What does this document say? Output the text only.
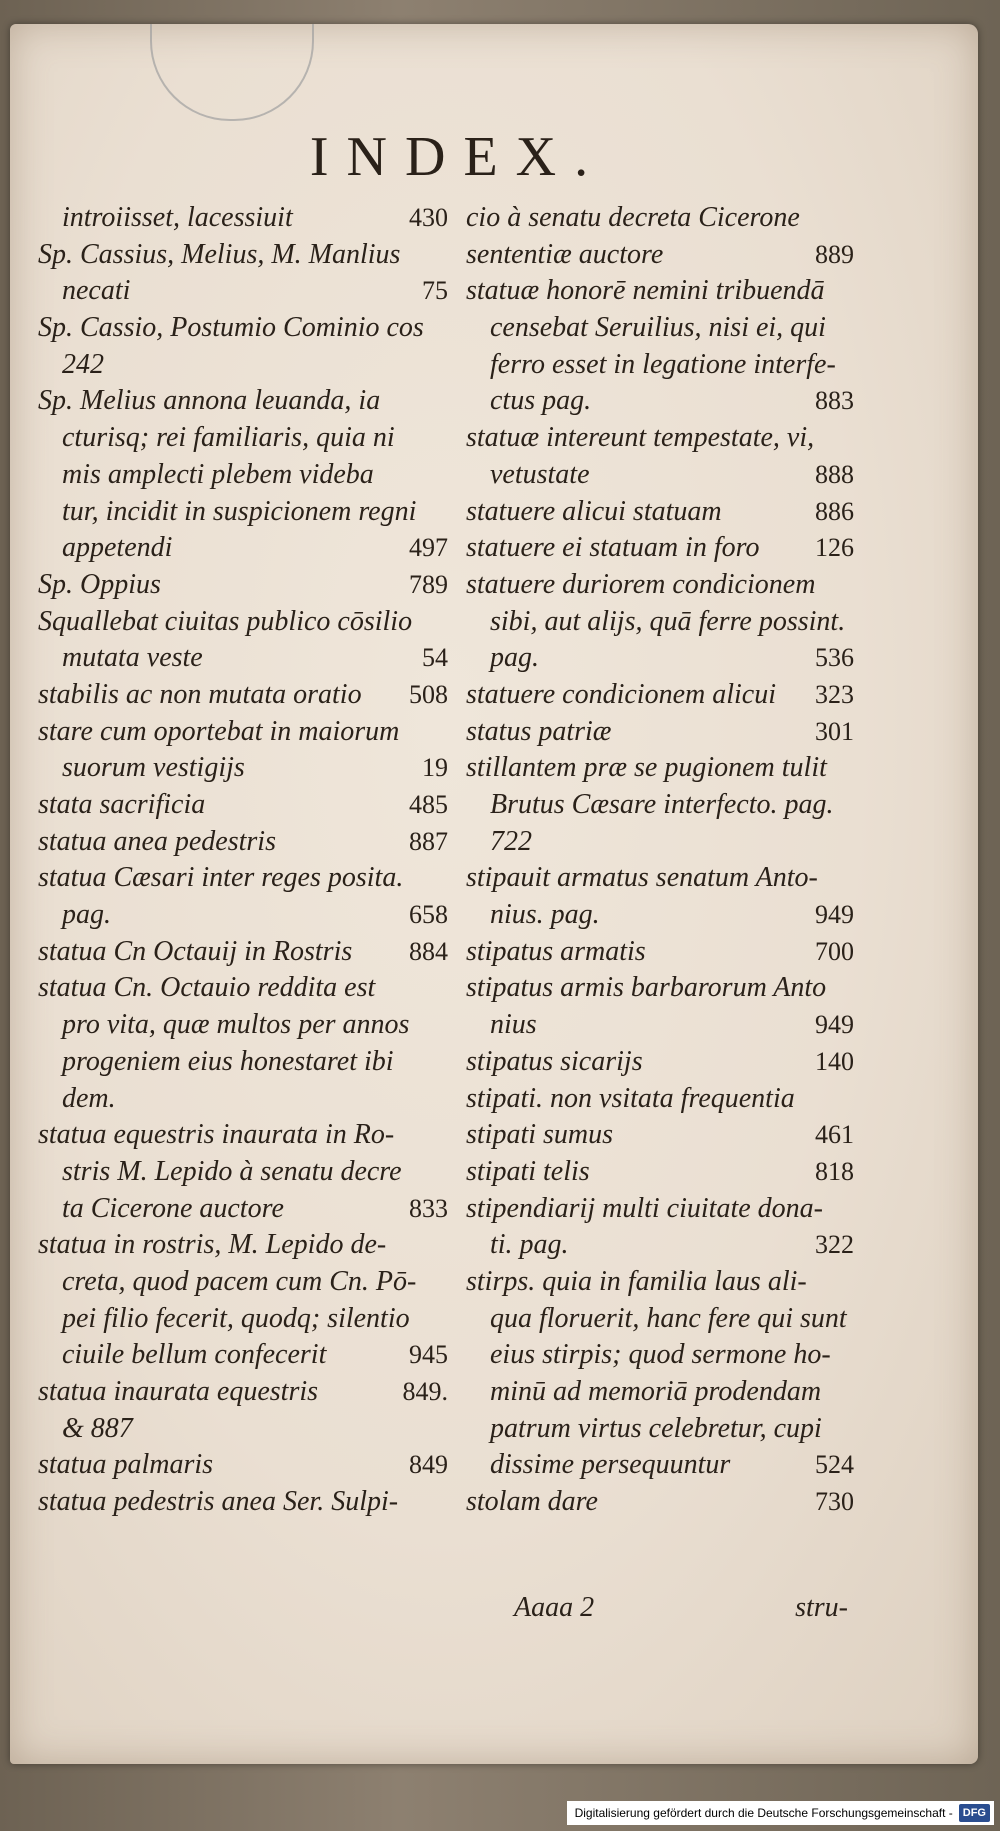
INDEX.
introiisset, lacessiuit	430
Sp. Cassius, Melius, M. Manlius
necati	75
Sp. Cassio, Postumio Cominio cos
242
Sp. Melius annona leuanda, ia
cturisq; rei familiaris, quia ni
mis amplecti plebem videba
tur, incidit in suspicionem regni
appetendi	497
Sp. Oppius	789
Squallebat ciuitas publico cōsilio
mutata veste	54
stabilis ac non mutata oratio 508
stare cum oportebat in maiorum
suorum vestigijs	19
stata sacrificia	485
statua anea pedestris	887
statua Cæsari inter reges posita.
pag.	658
statua Cn Octauij in Rostris 884
statua Cn. Octauio reddita est
pro vita, quæ multos per annos
progeniem eius honestaret ibi
dem.
statua equestris inaurata in Ro-
stris M. Lepido à senatu decre
ta Cicerone auctore	833
statua in rostris, M. Lepido de-
creta, quod pacem cum Cn. Pō-
pei filio fecerit, quodq; silentio
ciuile bellum confecerit	945
statua inaurata equestris	849.
& 887
statua palmaris	849
statua pedestris anea Ser. Sulpi-
cio à senatu decreta Cicerone
sententiæ auctore	889
statuæ honorē nemini tribuendā
censebat Seruilius, nisi ei, qui
ferro esset in legatione interfe-
ctus pag.	883
statuæ intereunt tempestate, vi,
vetustate	888
statuere alicui statuam	886
statuere ei statuam in foro 126
statuere duriorem condicionem
sibi, aut alijs, quā ferre possint.
pag.	536
statuere condicionem alicui 323
status patriæ	301
stillantem præ se pugionem tulit
Brutus Cæsare interfecto. pag.
722
stipauit armatus senatum Anto-
nius. pag.	949
stipatus armatis	700
stipatus armis barbarorum Anto
nius	949
stipatus sicarijs	140
stipati. non vsitata frequentia
stipati sumus	461
stipati telis	818
stipendiarij multi ciuitate dona-
ti. pag.	322
stirps. quia in familia laus ali-
qua floruerit, hanc fere qui sunt
eius stirpis; quod sermone ho-
minū ad memoriā prodendam
patrum virtus celebretur, cupi
dissime persequuntur	524
stolam dare	730
Aaaa 2	stru-
Digitalisierung gefördert durch die Deutsche Forschungsgemeinschaft - DFG
